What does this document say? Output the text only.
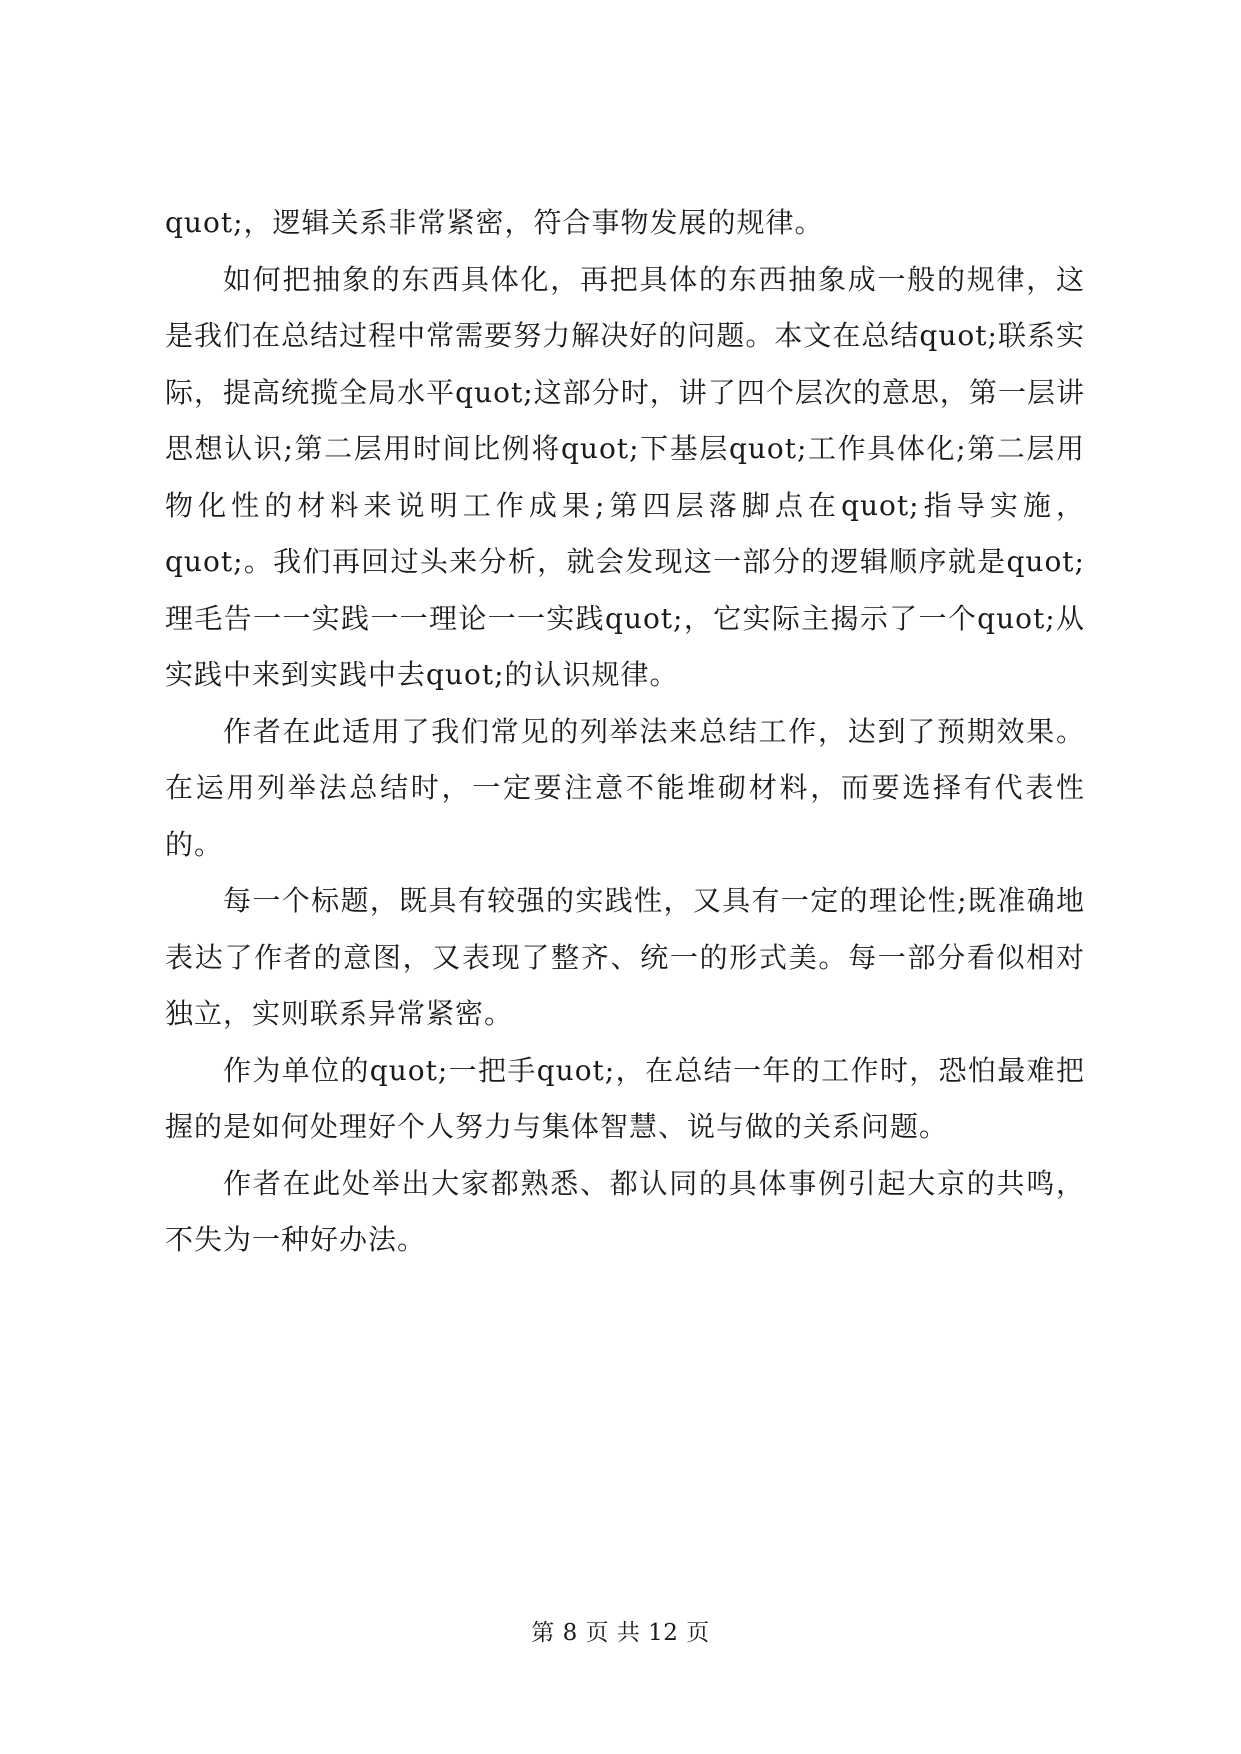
quot;，逻辑关系非常紧密，符合事物发展的规律。

如何把抽象的东西具体化，再把具体的东西抽象成一般的规律，这是我们在总结过程中常需要努力解决好的问题。本文在总结quot;联系实际，提高统揽全局水平quot;这部分时，讲了四个层次的意思，第一层讲思想认识;第二层用时间比例将quot;下基层quot;工作具体化;第二层用物化性的材料来说明工作成果;第四层落脚点在quot;指导实施，quot;。我们再回过头来分析，就会发现这一部分的逻辑顺序就是quot;理毛告一一实践一一理论一一实践quot;，它实际主揭示了一个quot;从实践中来到实践中去quot;的认识规律。

作者在此适用了我们常见的列举法来总结工作，达到了预期效果。在运用列举法总结时，一定要注意不能堆砌材料，而要选择有代表性的。

每一个标题，既具有较强的实践性，又具有一定的理论性;既准确地表达了作者的意图，又表现了整齐、统一的形式美。每一部分看似相对独立，实则联系异常紧密。

作为单位的quot;一把手quot;，在总结一年的工作时，恐怕最难把握的是如何处理好个人努力与集体智慧、说与做的关系问题。

作者在此处举出大家都熟悉、都认同的具体事例引起大京的共鸣，不失为一种好办法。

第 8 页 共 12 页
